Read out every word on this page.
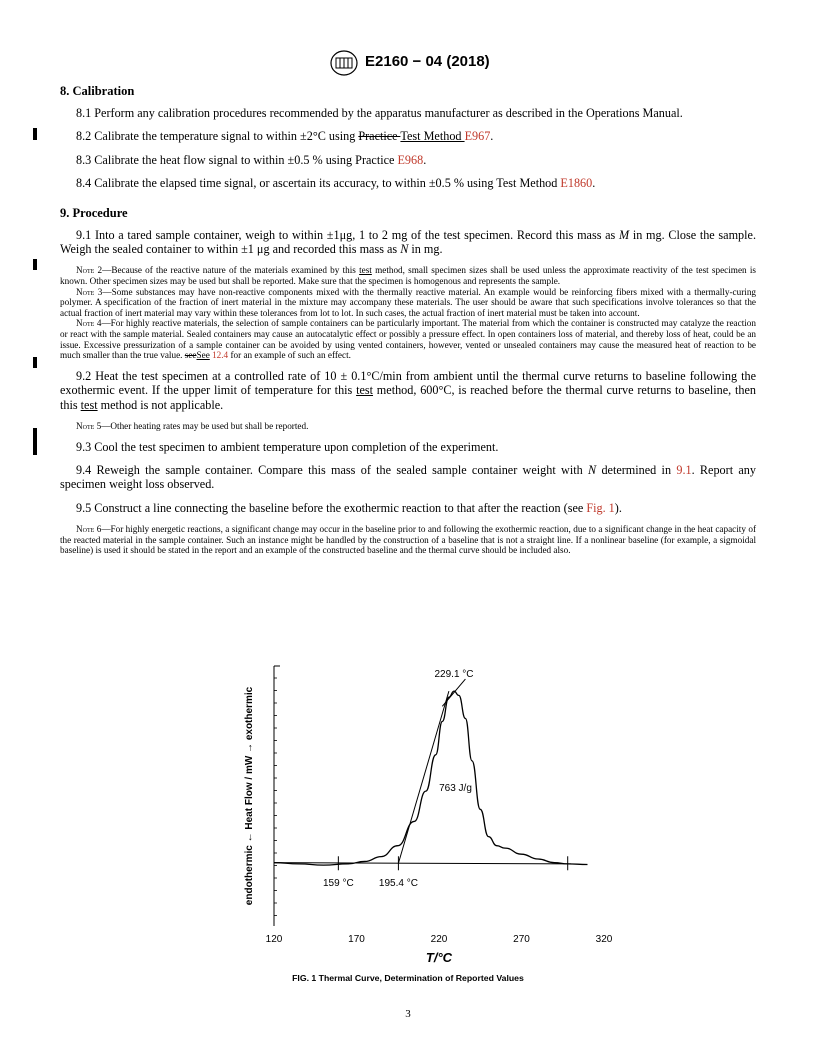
E2160 − 04 (2018)
8. Calibration

8.1 Perform any calibration procedures recommended by the apparatus manufacturer as described in the Operations Manual.

8.2 Calibrate the temperature signal to within ±2°C using Practice Test Method E967.

8.3 Calibrate the heat flow signal to within ±0.5 % using Practice E968.

8.4 Calibrate the elapsed time signal, or ascertain its accuracy, to within ±0.5 % using Test Method E1860.

9. Procedure

9.1 Into a tared sample container, weigh to within ±1μg, 1 to 2 mg of the test specimen. Record this mass as M in mg. Close the sample. Weigh the sealed container to within ±1 μg and recorded this mass as N in mg.

Note 2—Because of the reactive nature of the materials examined by this test method, small specimen sizes shall be used unless the approximate reactivity of the test specimen is known. Other specimen sizes may be used but shall be reported. Make sure that the specimen is homogenous and represents the sample.

Note 3—Some substances may have non-reactive components mixed with the thermally reactive material. An example would be reinforcing fibers mixed with a thermally-curing polymer. A specification of the fraction of inert material in the mixture may accompany these materials. The user should be aware that such specifications involve tolerances so that the actual fraction of inert material may vary within these tolerances from lot to lot. In such cases, the actual fraction of inert material must be taken into account.

Note 4—For highly reactive materials, the selection of sample containers can be particularly important. The material from which the container is constructed may catalyze the reaction or react with the sample material. Sealed containers may cause an autocatalytic effect or possibly a pressure effect. In open containers loss of material, and thereby loss of heat, could be an issue. Excessive pressurization of a sample container can be avoided by using vented containers, however, vented or unsealed containers may cause the measured heat of reaction to be much smaller than the true value. seeSee 12.4 for an example of such an effect.

9.2 Heat the test specimen at a controlled rate of 10 ± 0.1°C/min from ambient until the thermal curve returns to baseline following the exothermic event. If the upper limit of temperature for this test method, 600°C, is reached before the thermal curve returns to baseline, then this test method is not applicable.

Note 5—Other heating rates may be used but shall be reported.

9.3 Cool the test specimen to ambient temperature upon completion of the experiment.

9.4 Reweigh the sample container. Compare this mass of the sealed sample container weight with N determined in 9.1. Report any specimen weight loss observed.

9.5 Construct a line connecting the baseline before the exothermic reaction to that after the reaction (see Fig. 1).

Note 6—For highly energetic reactions, a significant change may occur in the baseline prior to and following the exothermic reaction, due to a significant change in the heat capacity of the reacted material in the sample container. Such an instance might be handled by the construction of a baseline that is not a straight line. If a nonlinear baseline (for example, a sigmoidal baseline) is used it should be stated in the report and an example of the constructed baseline and the thermal curve should be included also.

120	170	220	270	320
T/°C
endothermic ← Heat Flow / mW → exothermic
229.1 °C
763 J/g
159 °C	195.4 °C
FIG. 1 Thermal Curve, Determination of Reported Values
3
